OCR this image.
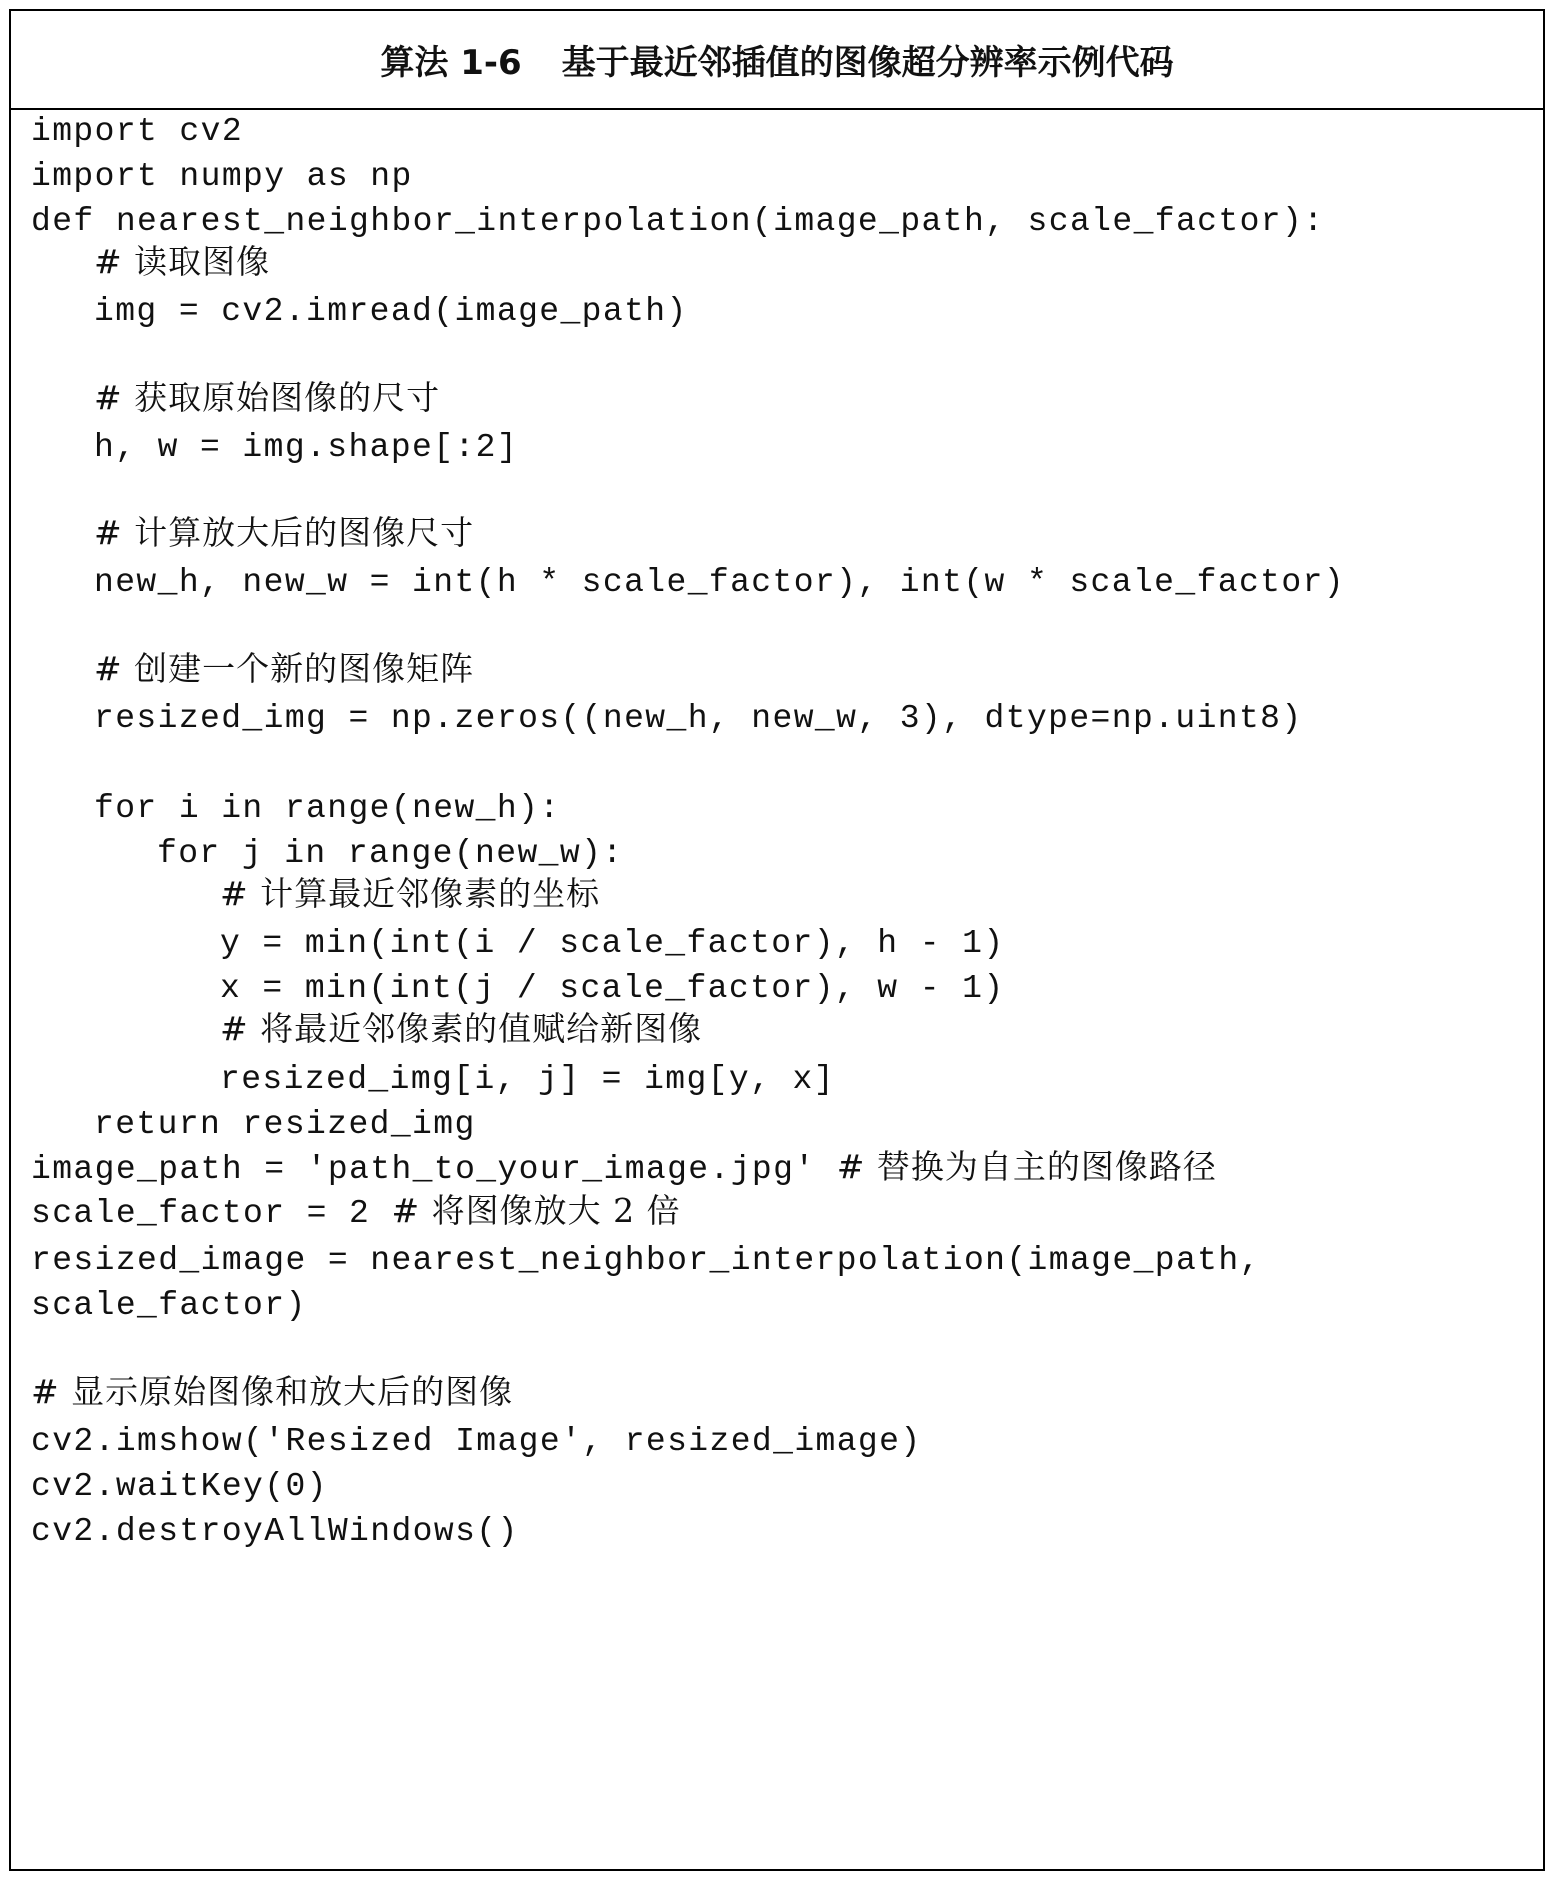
算法 1-6 基于最近邻插值的图像超分辨率示例代码
import cv2
import numpy as np
def nearest_neighbor_interpolation(image_path, scale_factor):
# 读取图像
img = cv2.imread(image_path)
# 获取原始图像的尺寸
h, w = img.shape[:2]
# 计算放大后的图像尺寸
new_h, new_w = int(h * scale_factor), int(w * scale_factor)
# 创建一个新的图像矩阵
resized_img = np.zeros((new_h, new_w, 3), dtype=np.uint8)
for i in range(new_h):
for j in range(new_w):
# 计算最近邻像素的坐标
y = min(int(i / scale_factor), h - 1)
x = min(int(j / scale_factor), w - 1)
# 将最近邻像素的值赋给新图像
resized_img[i, j] = img[y, x]
return resized_img
image_path = 'path_to_your_image.jpg' # 替换为自主的图像路径
scale_factor = 2 # 将图像放大 2 倍
resized_image = nearest_neighbor_interpolation(image_path,
scale_factor)
# 显示原始图像和放大后的图像
cv2.imshow('Resized Image', resized_image)
cv2.waitKey(0)
cv2.destroyAllWindows()
